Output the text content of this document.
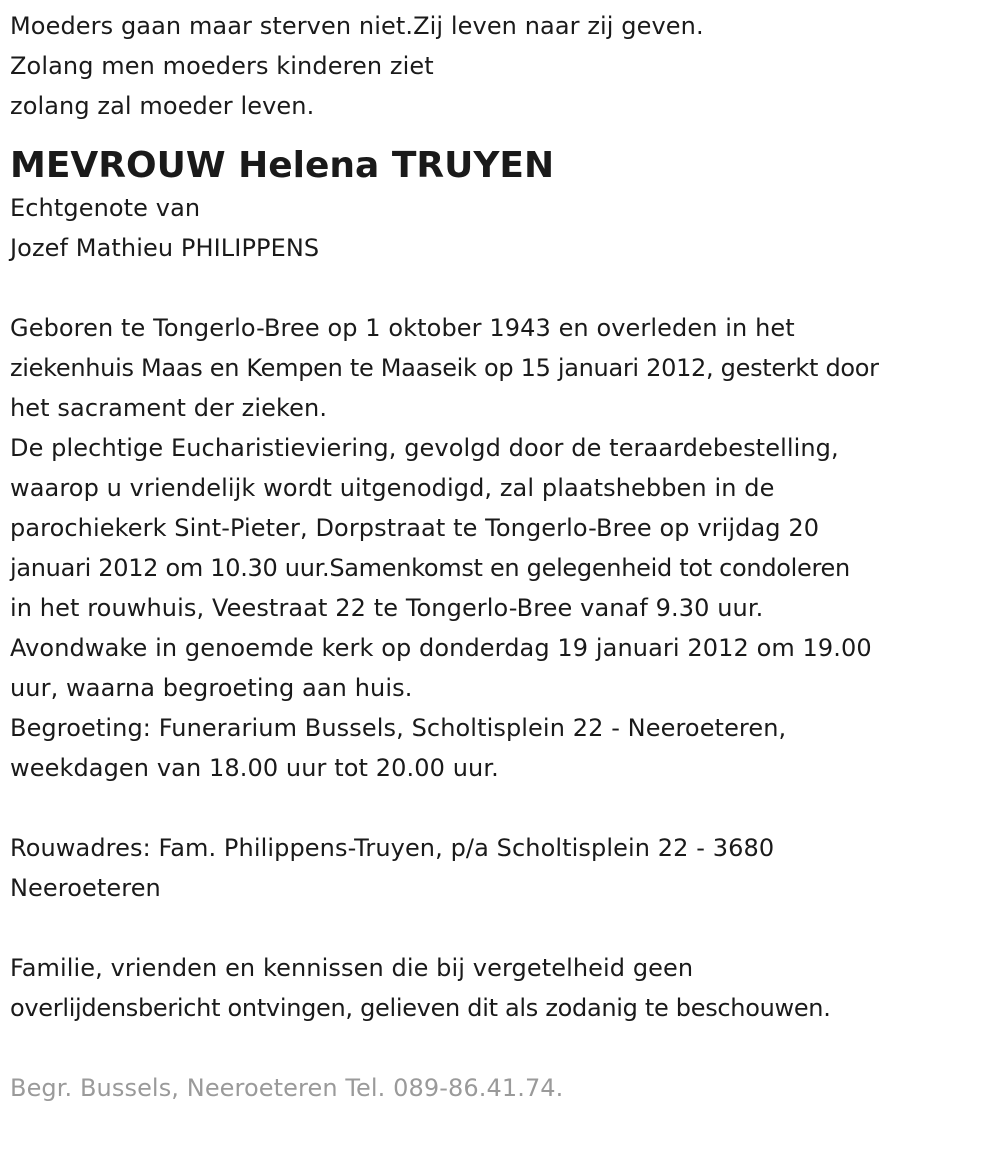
Moeders gaan maar sterven niet.Zij leven naar zij geven.
Zolang men moeders kinderen ziet
zolang zal moeder leven.
MEVROUW Helena TRUYEN
Echtgenote van
Jozef Mathieu PHILIPPENS
Geboren te Tongerlo-Bree op 1 oktober 1943 en overleden in het
ziekenhuis Maas en Kempen te Maaseik op 15 januari 2012, gesterkt door
het sacrament der zieken.
De plechtige Eucharistieviering, gevolgd door de teraardebestelling,
waarop u vriendelijk wordt uitgenodigd, zal plaatshebben in de
parochiekerk Sint-Pieter, Dorpstraat te Tongerlo-Bree op vrijdag 20
januari 2012 om 10.30 uur.Samenkomst en gelegenheid tot condoleren
in het rouwhuis, Veestraat 22 te Tongerlo-Bree vanaf 9.30 uur.
Avondwake in genoemde kerk op donderdag 19 januari 2012 om 19.00
uur, waarna begroeting aan huis.
Begroeting: Funerarium Bussels, Scholtisplein 22 - Neeroeteren,
weekdagen van 18.00 uur tot 20.00 uur.
Rouwadres: Fam. Philippens-Truyen, p/a Scholtisplein 22 - 3680
Neeroeteren
Familie, vrienden en kennissen die bij vergetelheid geen
overlijdensbericht ontvingen, gelieven dit als zodanig te beschouwen.
Begr. Bussels, Neeroeteren Tel. 089-86.41.74.
